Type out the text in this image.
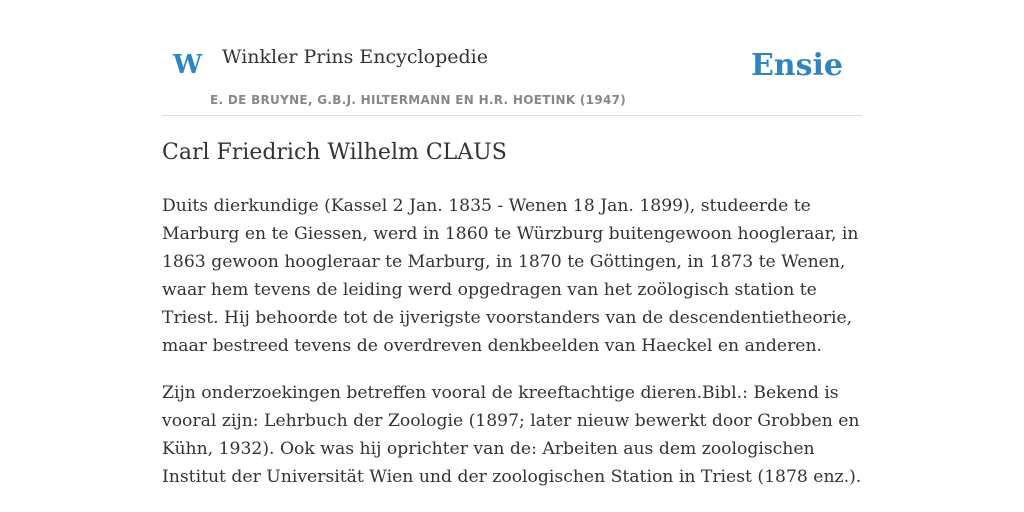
W Winkler Prins Encyclopedie
E. DE BRUYNE, G.B.J. HILTERMANN EN H.R. HOETINK (1947)
Ensie
Carl Friedrich Wilhelm CLAUS

Duits dierkundige (Kassel 2 Jan. 1835 - Wenen 18 Jan. 1899), studeerde te Marburg en te Giessen, werd in 1860 te Würzburg buitengewoon hoogleraar, in 1863 gewoon hoogleraar te Marburg, in 1870 te Göttingen, in 1873 te Wenen, waar hem tevens de leiding werd opgedragen van het zoölogisch station te Triest. Hij behoorde tot de ijverigste voorstanders van de descendentietheorie, maar bestreed tevens de overdreven denkbeelden van Haeckel en anderen.

Zijn onderzoekingen betreffen vooral de kreeftachtige dieren.Bibl.: Bekend is vooral zijn: Lehrbuch der Zoologie (1897; later nieuw bewerkt door Grobben en Kühn, 1932). Ook was hij oprichter van de: Arbeiten aus dem zoologischen Institut der Universität Wien und der zoologischen Station in Triest (1878 enz.).
